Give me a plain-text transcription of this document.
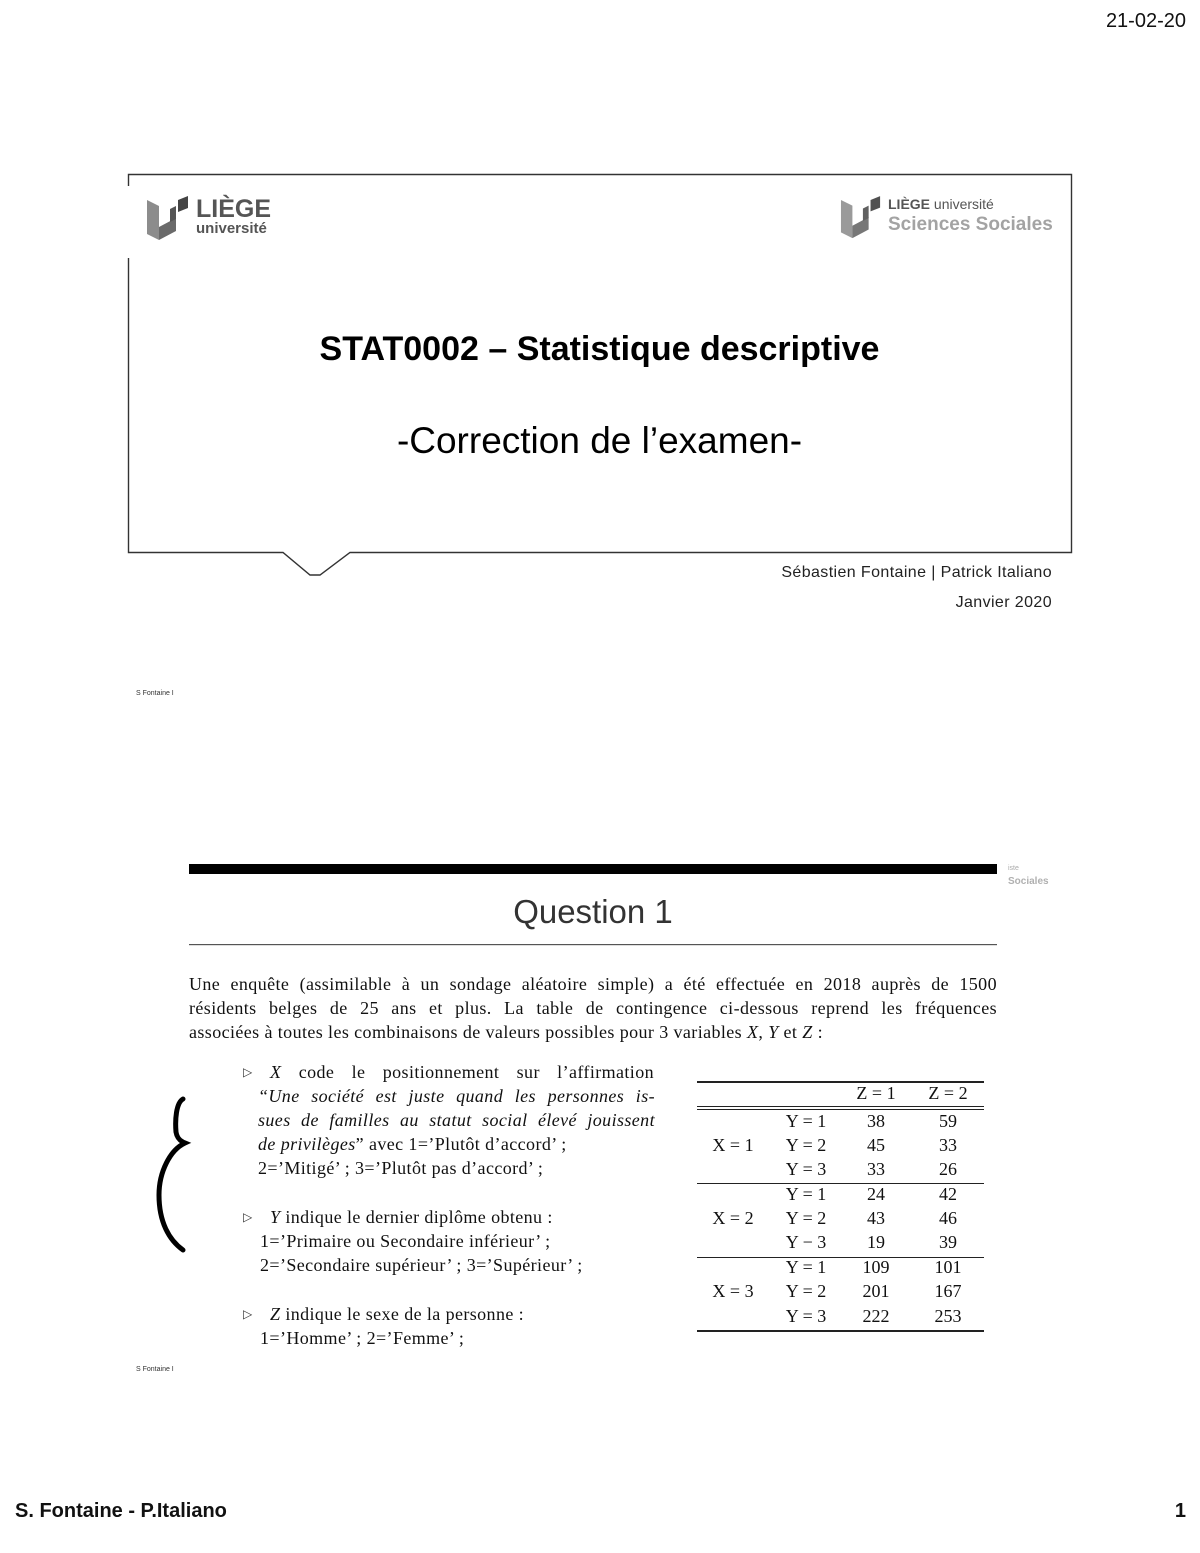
21-02-20
LIÈGE
université
LIÈGE université
Sciences Sociales
STAT0002 – Statistique descriptive
-Correction de l’examen-
Sébastien Fontaine | Patrick Italiano
Janvier 2020
S Fontaine I
iste
Sociales
Question 1
Une enquête (assimilable à un sondage aléatoire simple) a été effectuée en 2018 auprès de 1500
résidents belges de 25 ans et plus. La table de contingence ci-dessous reprend les fréquences
associées à toutes les combinaisons de valeurs possibles pour 3 variables X, Y et Z :
▷ X code le positionnement sur l’affirmation
“Une société est juste quand les personnes is-
sues de familles au statut social élevé jouissent
de privilèges” avec 1=’Plutôt d’accord’ ;
2=’Mitigé’ ; 3=’Plutôt pas d’accord’ ;
▷ Y indique le dernier diplôme obtenu :
1=’Primaire ou Secondaire inférieur’ ;
2=’Secondaire supérieur’ ; 3=’Supérieur’ ;
▷ Z indique le sexe de la personne :
1=’Homme’ ; 2=’Femme’ ;
Z = 1	Z = 2
X = 1
Y = 1	38	59
Y = 2	45	33
Y = 3	33	26
X = 2
Y = 1	24	42
Y = 2	43	46
Y − 3	19	39
X = 3
Y = 1	109	101
Y = 2	201	167
Y = 3	222	253
S Fontaine I
S. Fontaine - P.Italiano	1
